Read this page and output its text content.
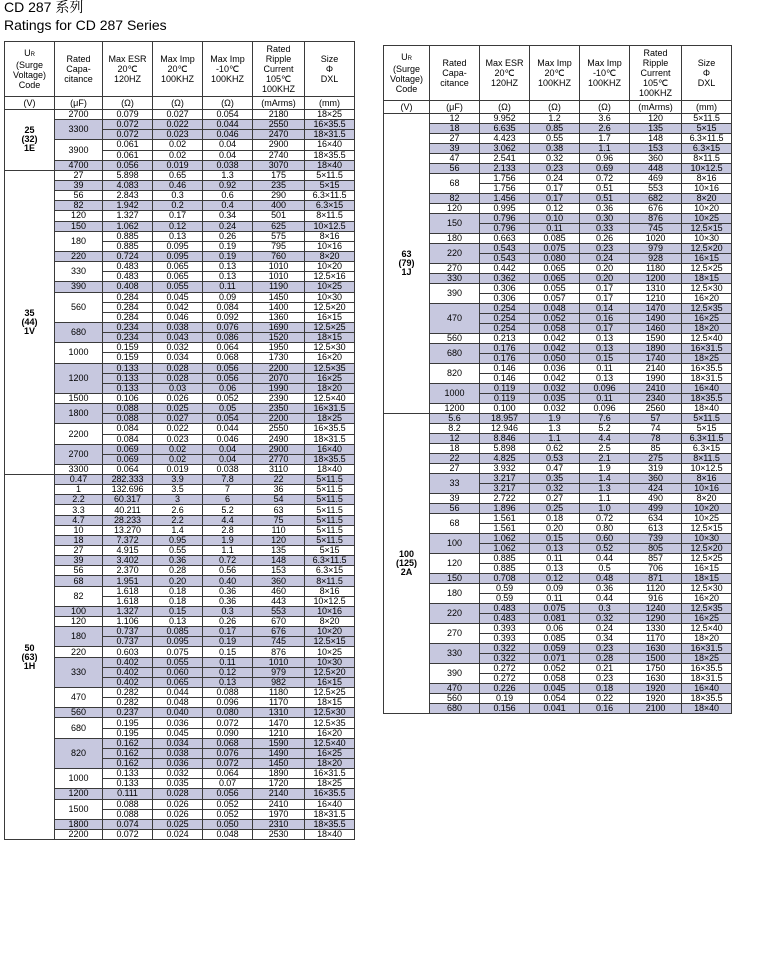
CD 287 系列
Ratings for CD 287 Series
UR
(Surge
Voltage)
Code	Rated
Capa-
citance	Max ESR
20℃
120HZ	Max Imp
20℃
100KHZ	Max Imp
-10℃
100KHZ	Rated
Ripple
Current
105℃
100KHZ	Size
Φ
DXL
(V)	(μF)	(Ω)	(Ω)	(Ω)	(mArms)	(mm)

25
(32)
1E	2700	0.079	0.027	0.054	2180	18×25
	3300	0.072	0.022	0.044	2550	16×35.5
		0.072	0.023	0.046	2470	18×31.5
	3900	0.061	0.02	0.04	2900	16×40
		0.061	0.02	0.04	2740	18×35.5
	4700	0.056	0.019	0.038	3070	18×40

35
(44)
1V	27	5.898	0.65	1.3	175	5×11.5
	39	4.083	0.46	0.92	235	5×15
	56	2.843	0.3	0.6	290	6.3×11.5
	82	1.942	0.2	0.4	400	6.3×15
	120	1.327	0.17	0.34	501	8×11.5
	150	1.062	0.12	0.24	625	10×12.5
	180	0.885	0.13	0.26	575	8×16
		0.885	0.095	0.19	795	10×16
	220	0.724	0.095	0.19	760	8×20
	330	0.483	0.065	0.13	1010	10×20
		0.483	0.065	0.13	1010	12.5×16
	390	0.408	0.055	0.11	1190	10×25
	560	0.284	0.045	0.09	1450	10×30
		0.284	0.042	0.084	1400	12.5×20
		0.284	0.046	0.092	1360	16×15
	680	0.234	0.038	0.076	1690	12.5×25
		0.234	0.043	0.086	1520	18×15
	1000	0.159	0.032	0.064	1950	12.5×30
		0.159	0.034	0.068	1730	16×20
	1200	0.133	0.028	0.056	2200	12.5×35
		0.133	0.028	0.056	2070	16×25
		0.133	0.03	0.06	1990	18×20
	1500	0.106	0.026	0.052	2390	12.5×40
	1800	0.088	0.025	0.05	2350	16×31.5
		0.088	0.027	0.054	2200	18×25
	2200	0.084	0.022	0.044	2550	16×35.5
		0.084	0.023	0.046	2490	18×31.5
	2700	0.069	0.02	0.04	2900	16×40
		0.069	0.02	0.04	2770	18×35.5
	3300	0.064	0.019	0.038	3110	18×40

50
(63)
1H	0.47	282.333	3.9	7.8	22	5×11.5
	1	132.696	3.5	7	36	5×11.5
	2.2	60.317	3	6	54	5×11.5
	3.3	40.211	2.6	5.2	63	5×11.5
	4.7	28.233	2.2	4.4	75	5×11.5
	10	13.270	1.4	2.8	110	5×11.5
	18	7.372	0.95	1.9	120	5×11.5
	27	4.915	0.55	1.1	135	5×15
	39	3.402	0.36	0.72	148	6.3×11.5
	56	2.370	0.28	0.56	153	6.3×15
	68	1.951	0.20	0.40	360	8×11.5
	82	1.618	0.18	0.36	460	8×16
		1.618	0.18	0.36	443	10×12.5
	100	1.327	0.15	0.3	553	10×16
	120	1.106	0.13	0.26	670	8×20
	180	0.737	0.085	0.17	676	10×20
		0.737	0.095	0.19	745	12.5×15
	220	0.603	0.075	0.15	876	10×25
	330	0.402	0.055	0.11	1010	10×30
		0.402	0.060	0.12	979	12.5×20
		0.402	0.065	0.13	982	16×15
	470	0.282	0.044	0.088	1180	12.5×25
		0.282	0.048	0.096	1170	18×15
	560	0.237	0.040	0.080	1310	12.5×30
	680	0.195	0.036	0.072	1470	12.5×35
		0.195	0.045	0.090	1210	16×20
	820	0.162	0.034	0.068	1590	12.5×40
		0.162	0.038	0.076	1490	16×25
		0.162	0.036	0.072	1450	18×20
	1000	0.133	0.032	0.064	1890	16×31.5
		0.133	0.035	0.07	1720	18×25
	1200	0.111	0.028	0.056	2140	16×35.5
	1500	0.088	0.026	0.052	2410	16×40
		0.088	0.026	0.052	1970	18×31.5
	1800	0.074	0.025	0.050	2310	18×35.5
	2200	0.072	0.024	0.048	2530	18×40
UR
(Surge
Voltage)
Code	Rated
Capa-
citance	Max ESR
20℃
120HZ	Max Imp
20℃
100KHZ	Max Imp
-10℃
100KHZ	Rated
Ripple
Current
105℃
100KHZ	Size
Φ
DXL
(V)	(μF)	(Ω)	(Ω)	(Ω)	(mArms)	(mm)

63
(79)
1J	12	9.952	1.2	3.6	120	5×11.5
	18	6.635	0.85	2.6	135	5×15
	27	4.423	0.55	1.7	148	6.3×11.5
	39	3.062	0.38	1.1	153	6.3×15
	47	2.541	0.32	0.96	360	8×11.5
	56	2.133	0.23	0.69	448	10×12.5
	68	1.756	0.24	0.72	469	8×16
		1.756	0.17	0.51	553	10×16
	82	1.456	0.17	0.51	682	8×20
	120	0.995	0.12	0.36	676	10×20
	150	0.796	0.10	0.30	876	10×25
		0.796	0.11	0.33	745	12.5×15
	180	0.663	0.085	0.26	1020	10×30
	220	0.543	0.075	0.23	979	12.5×20
		0.543	0.080	0.24	928	16×15
	270	0.442	0.065	0.20	1180	12.5×25
	330	0.362	0.065	0.20	1200	18×15
	390	0.306	0.055	0.17	1310	12.5×30
		0.306	0.057	0.17	1210	16×20
	470	0.254	0.048	0.14	1470	12.5×35
		0.254	0.052	0.16	1490	16×25
		0.254	0.058	0.17	1460	18×20
	560	0.213	0.042	0.13	1590	12.5×40
	680	0.176	0.042	0.13	1890	16×31.5
		0.176	0.050	0.15	1740	18×25
	820	0.146	0.036	0.11	2140	16×35.5
		0.146	0.042	0.13	1990	18×31.5
	1000	0.119	0.032	0.096	2410	16×40
		0.119	0.035	0.11	2340	18×35.5
	1200	0.100	0.032	0.096	2560	18×40

100
(125)
2A	5.6	18.957	1.9	7.6	57	5×11.5
	8.2	12.946	1.3	5.2	74	5×15
	12	8.846	1.1	4.4	78	6.3×11.5
	18	5.898	0.62	2.5	85	6.3×15
	22	4.825	0.53	2.1	275	8×11.5
	27	3.932	0.47	1.9	319	10×12.5
	33	3.217	0.35	1.4	360	8×16
		3.217	0.32	1.3	424	10×16
	39	2.722	0.27	1.1	490	8×20
	56	1.896	0.25	1.0	499	10×20
	68	1.561	0.18	0.72	634	10×25
		1.561	0.20	0.80	613	12.5×15
	100	1.062	0.15	0.60	739	10×30
		1.062	0.13	0.52	805	12.5×20
	120	0.885	0.11	0.44	857	12.5×25
		0.885	0.13	0.5	706	16×15
	150	0.708	0.12	0.48	871	18×15
	180	0.59	0.09	0.36	1120	12.5×30
		0.59	0.11	0.44	916	16×20
	220	0.483	0.075	0.3	1240	12.5×35
		0.483	0.081	0.32	1290	16×25
	270	0.393	0.06	0.24	1330	12.5×40
		0.393	0.085	0.34	1170	18×20
	330	0.322	0.059	0.23	1630	16×31.5
		0.322	0.071	0.28	1500	18×25
	390	0.272	0.052	0.21	1750	16×35.5
		0.272	0.058	0.23	1630	18×31.5
	470	0.226	0.045	0.18	1920	16×40
	560	0.19	0.054	0.22	1920	18×35.5
	680	0.156	0.041	0.16	2100	18×40
